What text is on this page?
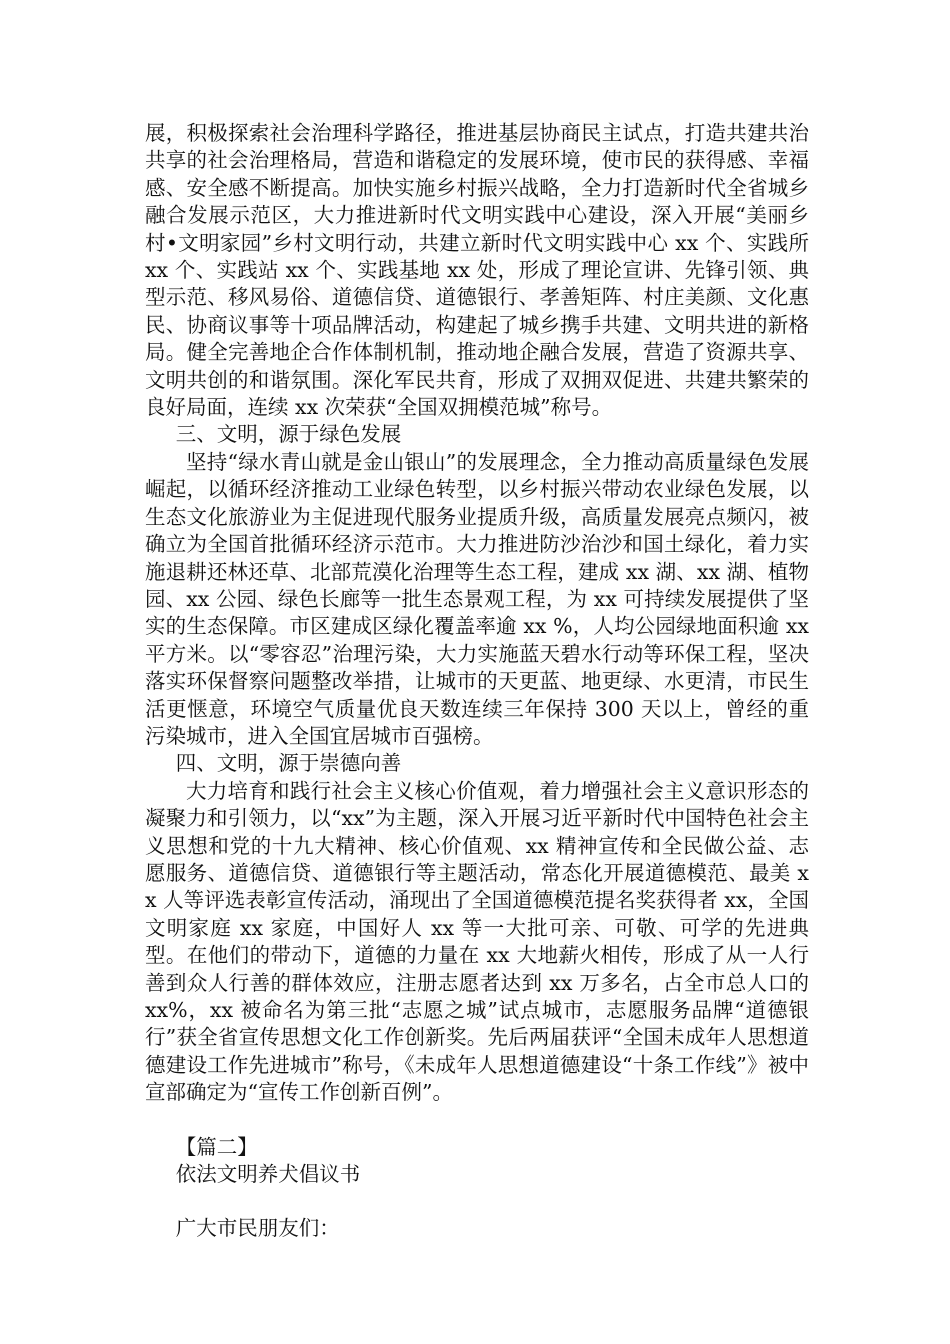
展，积极探索社会治理科学路径，推进基层协商民主试点，打造共建共治共享的社会治理格局，营造和谐稳定的发展环境，使市民的获得感、幸福感、安全感不断提高。加快实施乡村振兴战略，全力打造新时代全省城乡融合发展示范区，大力推进新时代文明实践中心建设，深入开展“美丽乡村•文明家园”乡村文明行动，共建立新时代文明实践中心 xx 个、实践所 xx 个、实践站 xx 个、实践基地 xx 处，形成了理论宣讲、先锋引领、典型示范、移风易俗、道德信贷、道德银行、孝善矩阵、村庄美颜、文化惠民、协商议事等十项品牌活动，构建起了城乡携手共建、文明共进的新格局。健全完善地企合作体制机制，推动地企融合发展，营造了资源共享、文明共创的和谐氛围。深化军民共育，形成了双拥双促进、共建共繁荣的良好局面，连续 xx 次荣获“全国双拥模范城”称号。

三、文明，源于绿色发展

坚持“绿水青山就是金山银山”的发展理念，全力推动高质量绿色发展崛起，以循环经济推动工业绿色转型，以乡村振兴带动农业绿色发展，以生态文化旅游业为主促进现代服务业提质升级，高质量发展亮点频闪，被确立为全国首批循环经济示范市。大力推进防沙治沙和国土绿化，着力实施退耕还林还草、北部荒漠化治理等生态工程，建成 xx 湖、xx 湖、植物园、xx 公园、绿色长廊等一批生态景观工程，为 xx 可持续发展提供了坚实的生态保障。市区建成区绿化覆盖率逾 xx %，人均公园绿地面积逾 xx 平方米。以“零容忍”治理污染，大力实施蓝天碧水行动等环保工程，坚决落实环保督察问题整改举措，让城市的天更蓝、地更绿、水更清，市民生活更惬意，环境空气质量优良天数连续三年保持 300 天以上，曾经的重污染城市，进入全国宜居城市百强榜。

四、文明，源于崇德向善

大力培育和践行社会主义核心价值观，着力增强社会主义意识形态的凝聚力和引领力，以“xx”为主题，深入开展习近平新时代中国特色社会主义思想和党的十九大精神、核心价值观、xx 精神宣传和全民做公益、志愿服务、道德信贷、道德银行等主题活动，常态化开展道德模范、最美 xx 人等评选表彰宣传活动，涌现出了全国道德模范提名奖获得者 xx，全国文明家庭 xx 家庭，中国好人 xx 等一大批可亲、可敬、可学的先进典型。在他们的带动下，道德的力量在 xx 大地薪火相传，形成了从一人行善到众人行善的群体效应，注册志愿者达到 xx 万多名，占全市总人口的 xx%，xx 被命名为第三批“志愿之城”试点城市，志愿服务品牌“道德银行”获全省宣传思想文化工作创新奖。先后两届获评“全国未成年人思想道德建设工作先进城市”称号，《未成年人思想道德建设“十条工作线”》被中宣部确定为“宣传工作创新百例”。

【篇二】

依法文明养犬倡议书

广大市民朋友们：
